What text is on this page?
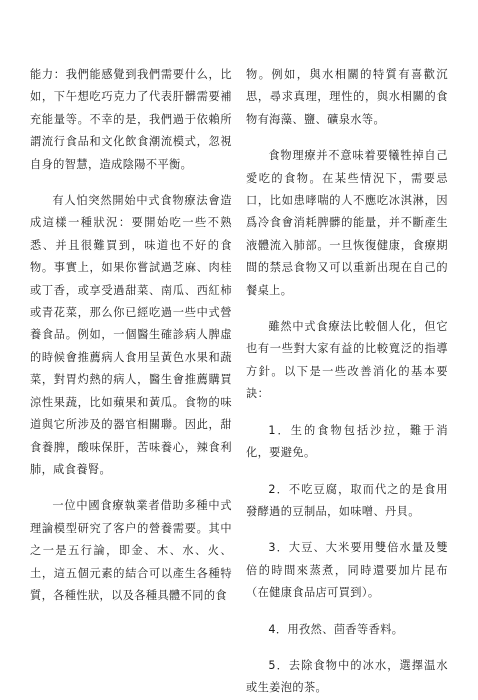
能力：我們能感覺到我們需要什么，比如，下午想吃巧克力了代表肝髒需要補充能量等。不幸的是，我們過于依賴所謂流行食品和文化飲食潮流模式，忽視自身的智慧，造成陰陽不平衡。

有人怕突然開始中式食物療法會造成這樣一種狀況：要開始吃一些不熟悉、并且很難買到，味道也不好的食物。事實上，如果你嘗試過芝麻、肉桂或丁香，或享受過甜菜、南瓜、西紅柿或青花菜，那么你已經吃過一些中式營養食品。例如，一個醫生確診病人脾虛的時候會推薦病人食用呈黃色水果和蔬菜，對胃灼熱的病人，醫生會推薦購買涼性果蔬，比如蘋果和黃瓜。食物的味道與它所涉及的器官相關聯。因此，甜食養脾，酸味保肝，苦味養心，辣食利肺，咸食養腎。

一位中國食療執業者借助多種中式理論模型研究了客户的營養需要。其中之一是五行論，即金、木、水、火、土，這五個元素的結合可以產生各種特質，各種性狀，以及各種具體不同的食

物。例如，與水相關的特質有喜歡沉思，尋求真理，理性的，與水相關的食物有海藻、鹽、礦泉水等。

食物理療并不意味着要犧牲掉自己愛吃的食物。在某些情況下，需要忌口，比如患哮喘的人不應吃冰淇淋，因爲冷食會消耗脾髒的能量，并不斷產生液體流入肺部。一旦恢復健康，食療期間的禁忌食物又可以重新出現在自己的餐桌上。

雖然中式食療法比較個人化，但它也有一些對大家有益的比較寬泛的指導方針。以下是一些改善消化的基本要訣：

1．生的食物包括沙拉，難于消化，要避免。

2．不吃豆腐，取而代之的是食用發酵過的豆制品，如味噌、丹貝。

3．大豆、大米要用雙倍水量及雙倍的時間來蒸煮，同時還要加片昆布（在健康食品店可買到）。

4．用孜然、茴香等香料。

5．去除食物中的冰水，選擇温水或生姜泡的茶。
